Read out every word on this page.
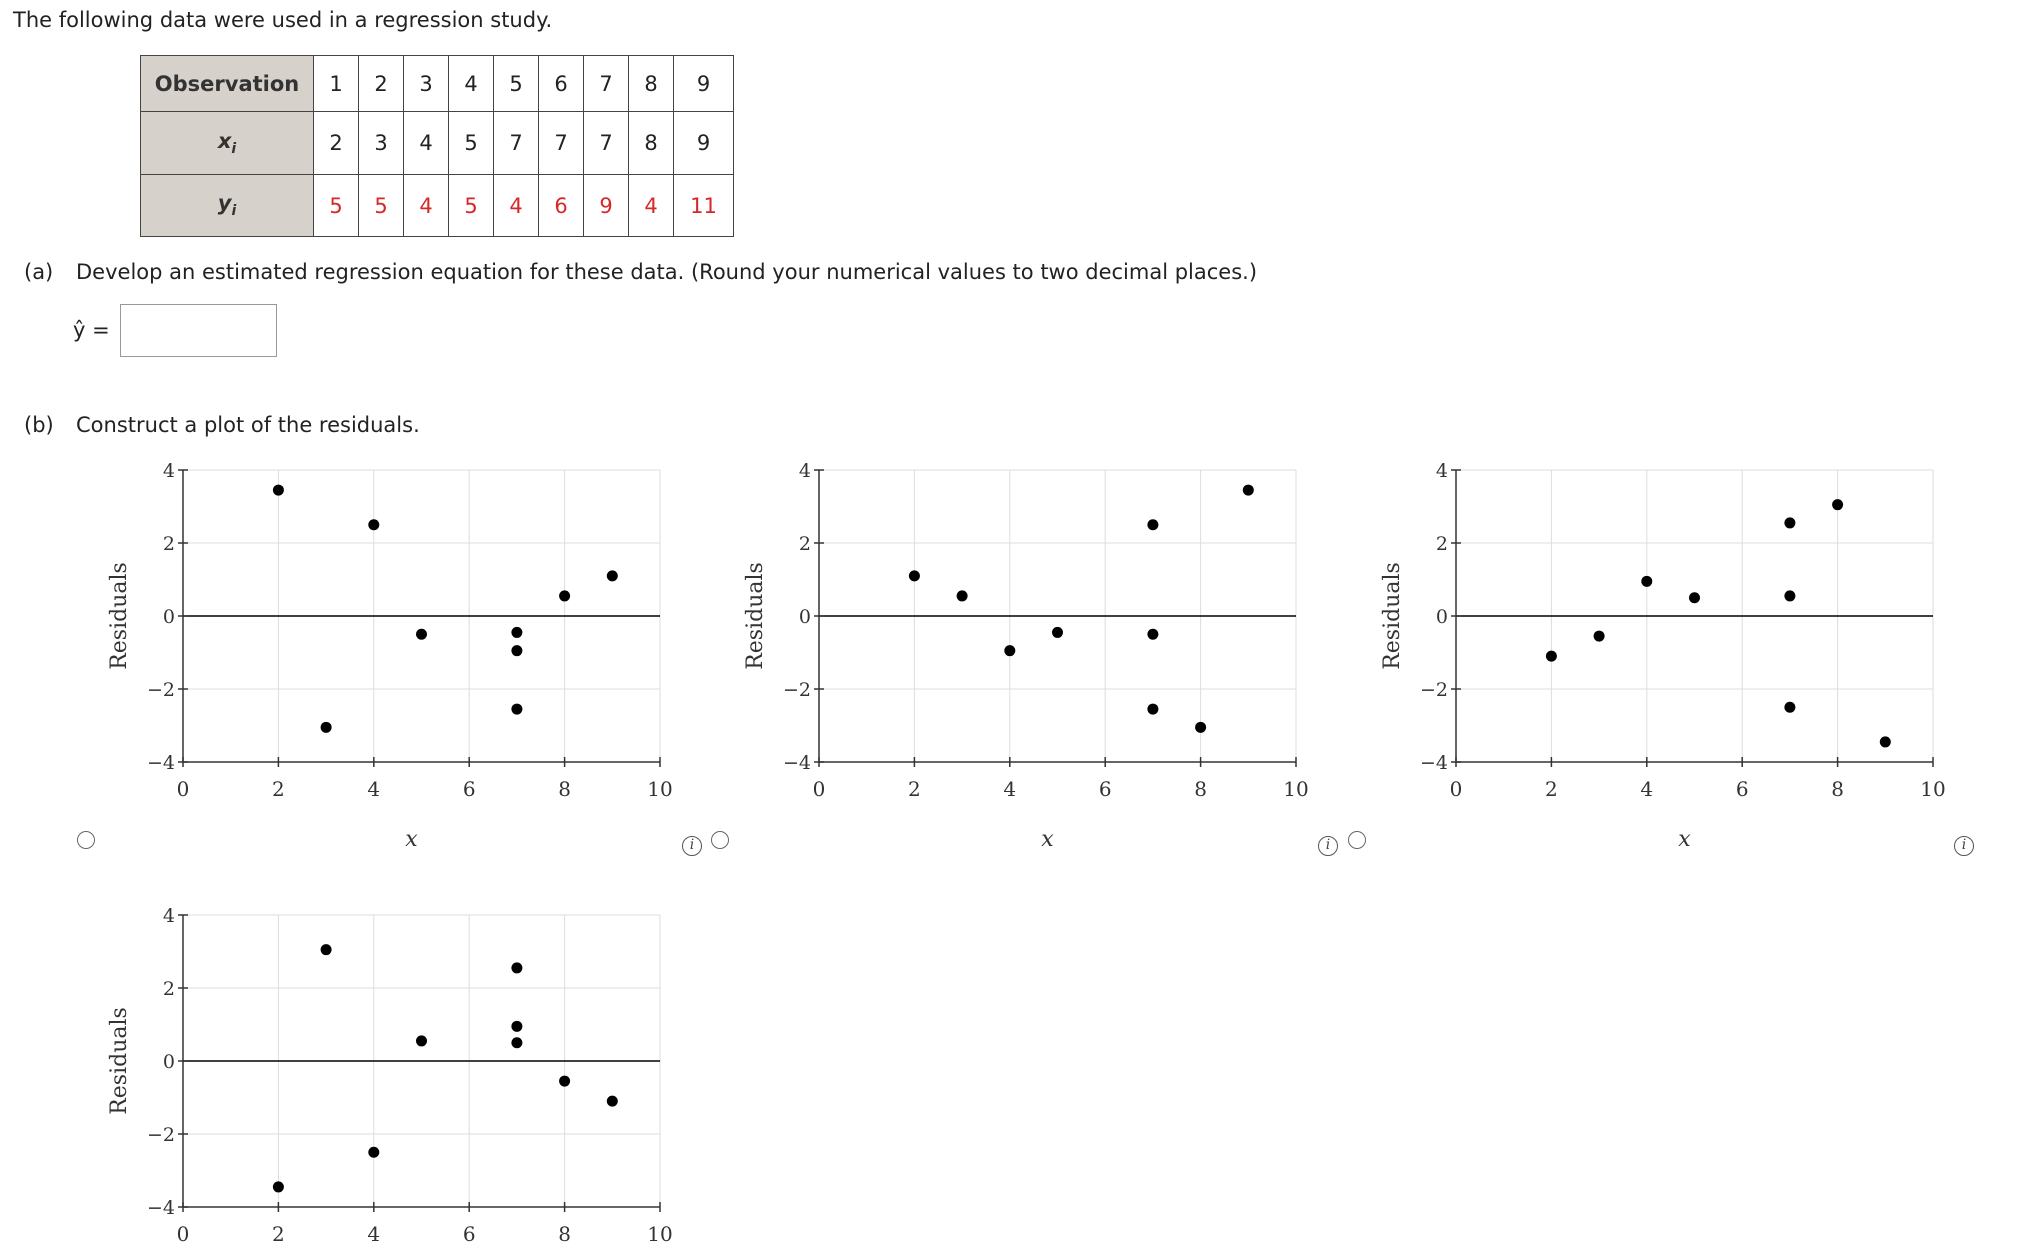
The following data were used in a regression study.
Observation	1	2	3	4	5	6	7	8	9
$x_i$	2	3	4	5	7	7	7	8	9
$y_i$	5	5	4	5	4	6	9	4	11
(a) Develop an estimated regression equation for these data. (Round your numerical values to two decimal places.)
ŷ =
(b) Construct a plot of the residuals.
4
2
0
−2
−4
0	2	4	6	8	10
x
Residuals
4
2
0
−2
−4
0	2	4	6	8	10
x
Residuals
4
2
0
−2
−4
0	2	4	6	8	10
x
Residuals
4
2
0
−2
−4
0	2	4	6	8	10
Residuals
i	i	i
